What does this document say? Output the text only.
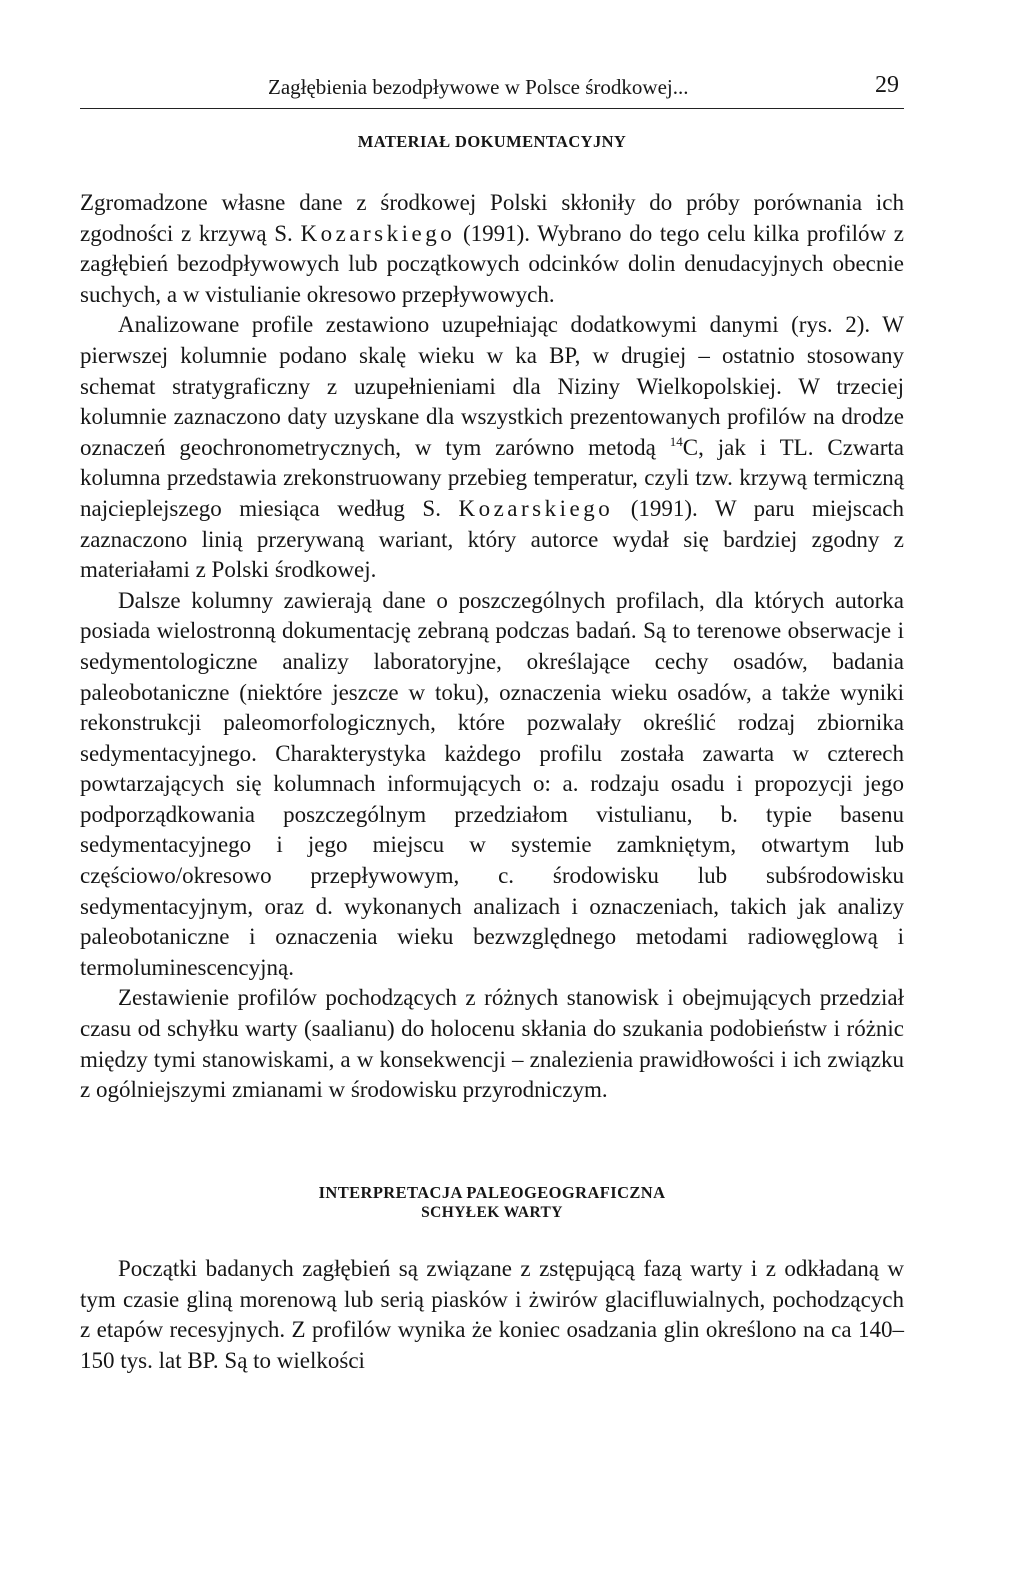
Zagłębienia bezodpływowe w Polsce środkowej...	29
MATERIAŁ DOKUMENTACYJNY

Zgromadzone własne dane z środkowej Polski skłoniły do próby porównania ich zgodności z krzywą S. Kozarskiego (1991). Wybrano do tego celu kilka profilów z zagłębień bezodpływowych lub początkowych odcinków dolin denudacyjnych obecnie suchych, a w vistulianie okresowo przepływowych.

Analizowane profile zestawiono uzupełniając dodatkowymi danymi (rys. 2). W pierwszej kolumnie podano skalę wieku w ka BP, w drugiej – ostatnio stosowany schemat stratygraficzny z uzupełnieniami dla Niziny Wielkopolskiej. W trzeciej kolumnie zaznaczono daty uzyskane dla wszystkich prezentowanych profilów na drodze oznaczeń geochronometrycznych, w tym zarówno metodą $^{14}$C, jak i TL. Czwarta kolumna przedstawia zrekonstruowany przebieg temperatur, czyli tzw. krzywą termiczną najcieplejszego miesiąca według S. Kozarskiego (1991). W paru miejscach zaznaczono linią przerywaną wariant, który autorce wydał się bardziej zgodny z materiałami z Polski środkowej.

Dalsze kolumny zawierają dane o poszczególnych profilach, dla których autorka posiada wielostronną dokumentację zebraną podczas badań. Są to terenowe obserwacje i sedymentologiczne analizy laboratoryjne, określające cechy osadów, badania paleobotaniczne (niektóre jeszcze w toku), oznaczenia wieku osadów, a także wyniki rekonstrukcji paleomorfologicznych, które pozwalały określić rodzaj zbiornika sedymentacyjnego. Charakterystyka każdego profilu została zawarta w czterech powtarzających się kolumnach informujących o: a. rodzaju osadu i propozycji jego podporządkowania poszczególnym przedziałom vistulianu, b. typie basenu sedymentacyjnego i jego miejscu w systemie zamkniętym, otwartym lub częściowo/okresowo przepływowym, c. środowisku lub subśrodowisku sedymentacyjnym, oraz d. wykonanych analizach i oznaczeniach, takich jak analizy paleobotaniczne i oznaczenia wieku bezwzględnego metodami radiowęglową i termoluminescencyjną.

Zestawienie profilów pochodzących z różnych stanowisk i obejmujących przedział czasu od schyłku warty (saalianu) do holocenu skłania do szukania podobieństw i różnic między tymi stanowiskami, a w konsekwencji – znalezienia prawidłowości i ich związku z ogólniejszymi zmianami w środowisku przyrodniczym.

INTERPRETACJA PALEOGEOGRAFICZNA
SCHYŁEK WARTY

Początki badanych zagłębień są związane z zstępującą fazą warty i z odkładaną w tym czasie gliną morenową lub serią piasków i żwirów glacifluwialnych, pochodzących z etapów recesyjnych. Z profilów wynika że koniec osadzania glin określono na ca 140–150 tys. lat BP. Są to wielkości
